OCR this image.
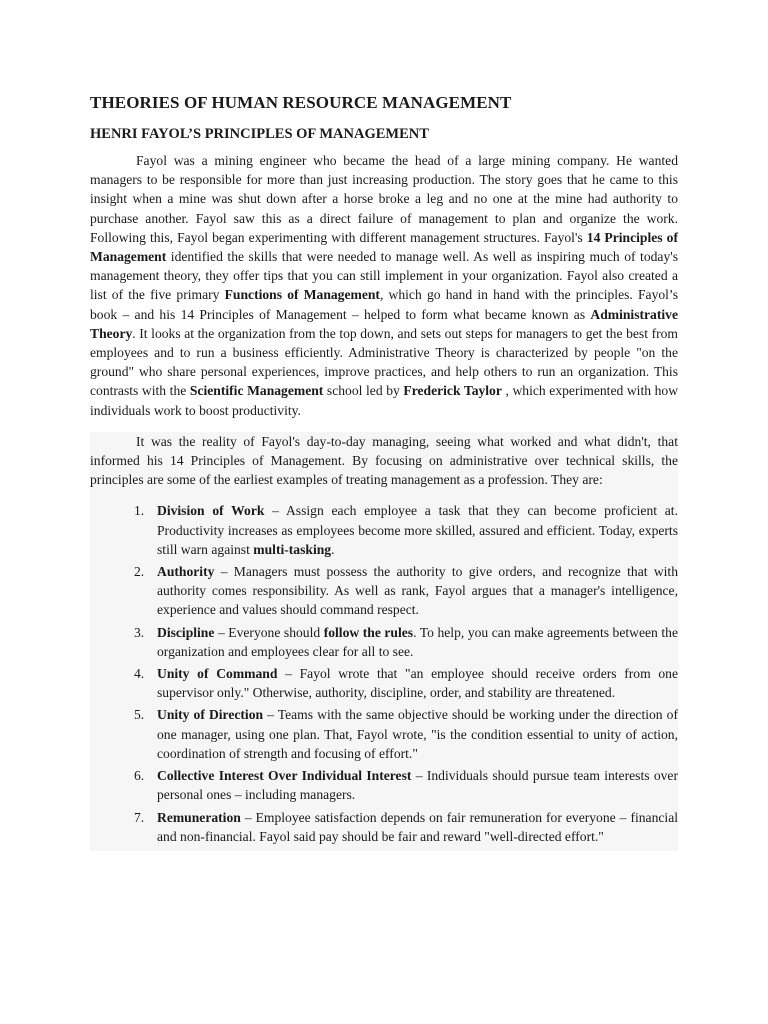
THEORIES OF HUMAN RESOURCE MANAGEMENT
HENRI FAYOL’S PRINCIPLES OF MANAGEMENT

Fayol was a mining engineer who became the head of a large mining company. He wanted managers to be responsible for more than just increasing production. The story goes that he came to this insight when a mine was shut down after a horse broke a leg and no one at the mine had authority to purchase another. Fayol saw this as a direct failure of management to plan and organize the work. Following this, Fayol began experimenting with different management structures. Fayol's 14 Principles of Management identified the skills that were needed to manage well. As well as inspiring much of today's management theory, they offer tips that you can still implement in your organization. Fayol also created a list of the five primary Functions of Management, which go hand in hand with the principles. Fayol’s book – and his 14 Principles of Management – helped to form what became known as Administrative Theory. It looks at the organization from the top down, and sets out steps for managers to get the best from employees and to run a business efficiently. Administrative Theory is characterized by people "on the ground" who share personal experiences, improve practices, and help others to run an organization. This contrasts with the Scientific Management school led by Frederick Taylor , which experimented with how individuals work to boost productivity.

It was the reality of Fayol's day-to-day managing, seeing what worked and what didn't, that informed his 14 Principles of Management. By focusing on administrative over technical skills, the principles are some of the earliest examples of treating management as a profession. They are:

1. Division of Work – Assign each employee a task that they can become proficient at. Productivity increases as employees become more skilled, assured and efficient. Today, experts still warn against multi-tasking.
2. Authority – Managers must possess the authority to give orders, and recognize that with authority comes responsibility. As well as rank, Fayol argues that a manager's intelligence, experience and values should command respect.
3. Discipline – Everyone should follow the rules. To help, you can make agreements between the organization and employees clear for all to see.
4. Unity of Command – Fayol wrote that "an employee should receive orders from one supervisor only." Otherwise, authority, discipline, order, and stability are threatened.
5. Unity of Direction – Teams with the same objective should be working under the direction of one manager, using one plan. That, Fayol wrote, "is the condition essential to unity of action, coordination of strength and focusing of effort."
6. Collective Interest Over Individual Interest – Individuals should pursue team interests over personal ones – including managers.
7. Remuneration – Employee satisfaction depends on fair remuneration for everyone – financial and non-financial. Fayol said pay should be fair and reward "well-directed effort."
